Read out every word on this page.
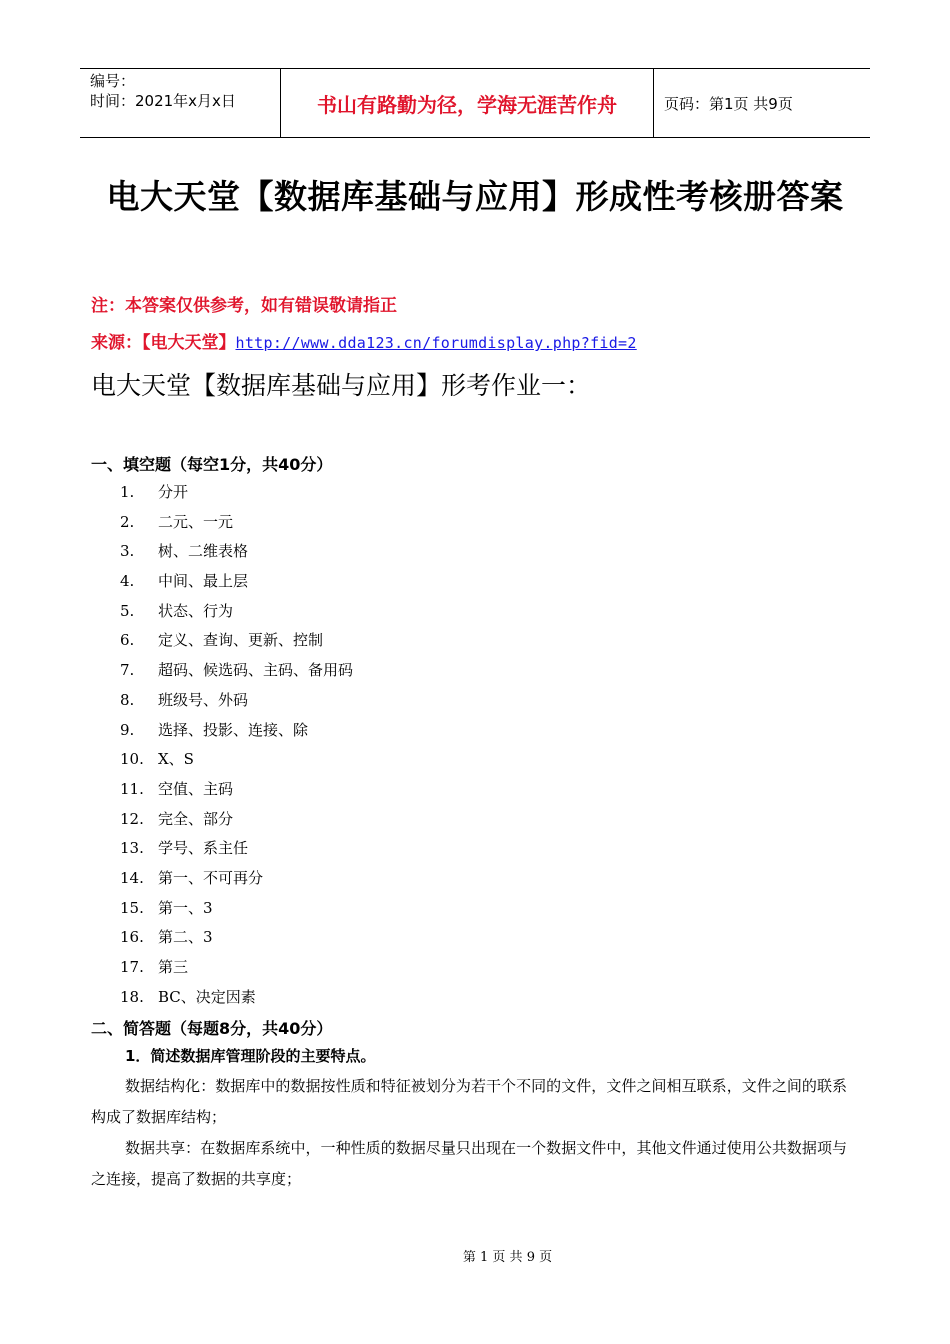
编号：
时间：2021年x月x日	书山有路勤为径，学海无涯苦作舟	页码：第1页 共9页
电大天堂【数据库基础与应用】形成性考核册答案
注：本答案仅供参考，如有错误敬请指正
来源：【电大天堂】http://www.dda123.cn/forumdisplay.php?fid=2
电大天堂【数据库基础与应用】形考作业一：
一、填空题（每空1分，共40分）
1.	分开
2.	二元、一元
3.	树、二维表格
4.	中间、最上层
5.	状态、行为
6.	定义、查询、更新、控制
7.	超码、候选码、主码、备用码
8.	班级号、外码
9.	选择、投影、连接、除
10. X、S
11. 空值、主码
12. 完全、部分
13. 学号、系主任
14. 第一、不可再分
15. 第一、3
16. 第二、3
17. 第三
18. BC、决定因素
二、简答题（每题8分，共40分）
1．简述数据库管理阶段的主要特点。
数据结构化：数据库中的数据按性质和特征被划分为若干个不同的文件，文件之间相互联系，文件之间的联系构成了数据库结构；
数据共享：在数据库系统中，一种性质的数据尽量只出现在一个数据文件中，其他文件通过使用公共数据项与之连接，提高了数据的共享度；
第 1 页 共 9 页
